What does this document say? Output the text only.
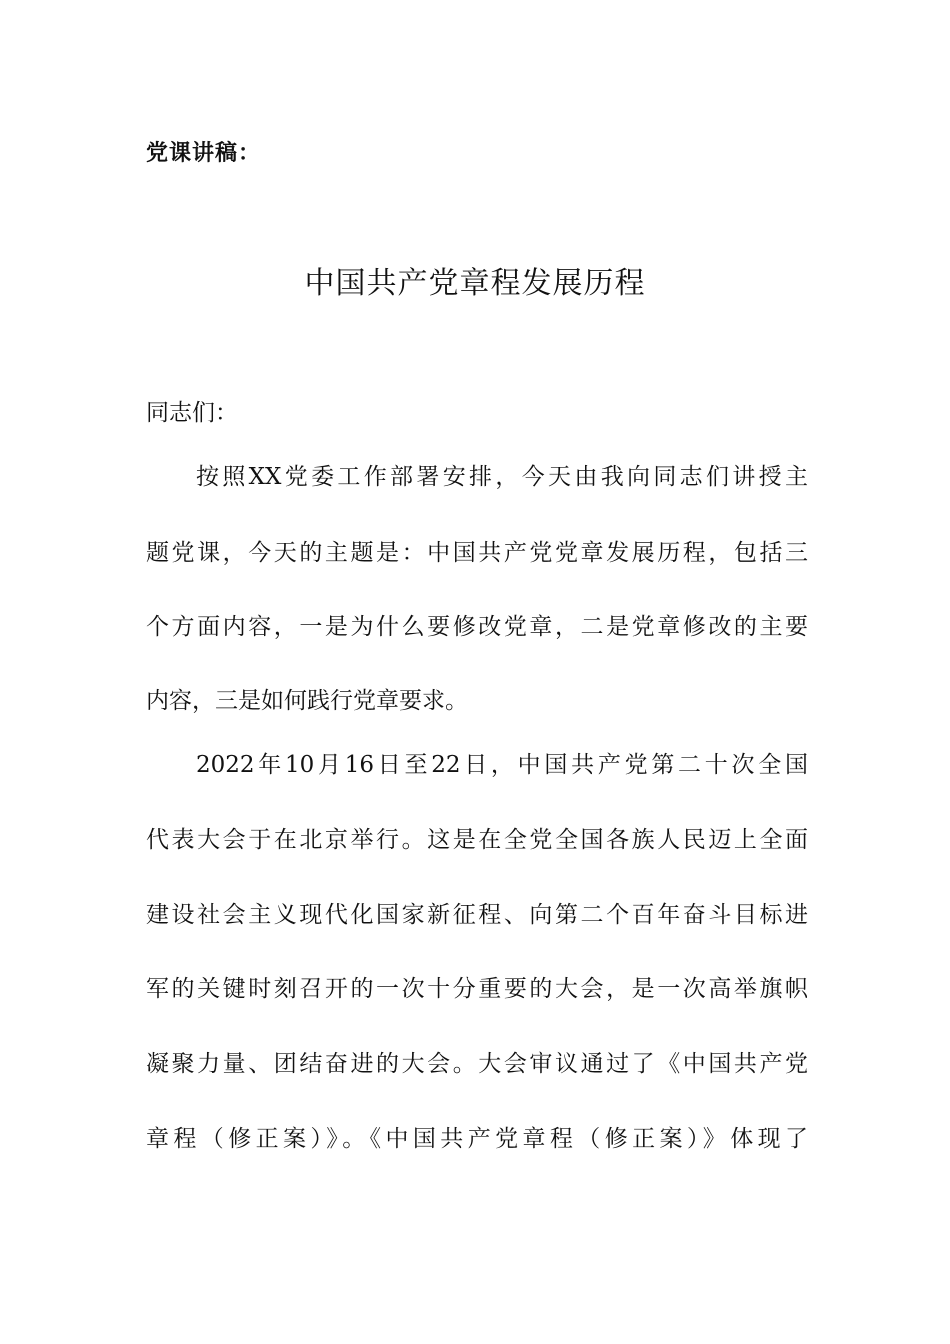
党课讲稿：
中国共产党章程发展历程
同志们：
按照XX党委工作部署安排，今天由我向同志们讲授主
题党课，今天的主题是：中国共产党党章发展历程，包括三
个方面内容，一是为什么要修改党章，二是党章修改的主要
内容，三是如何践行党章要求。
2022年10月16日至22日，中国共产党第二十次全国
代表大会于在北京举行。这是在全党全国各族人民迈上全面
建设社会主义现代化国家新征程、向第二个百年奋斗目标进
军的关键时刻召开的一次十分重要的大会，是一次高举旗帜
凝聚力量、团结奋进的大会。大会审议通过了《中国共产党
章程（修正案）》。《中国共产党章程（修正案）》体现了
